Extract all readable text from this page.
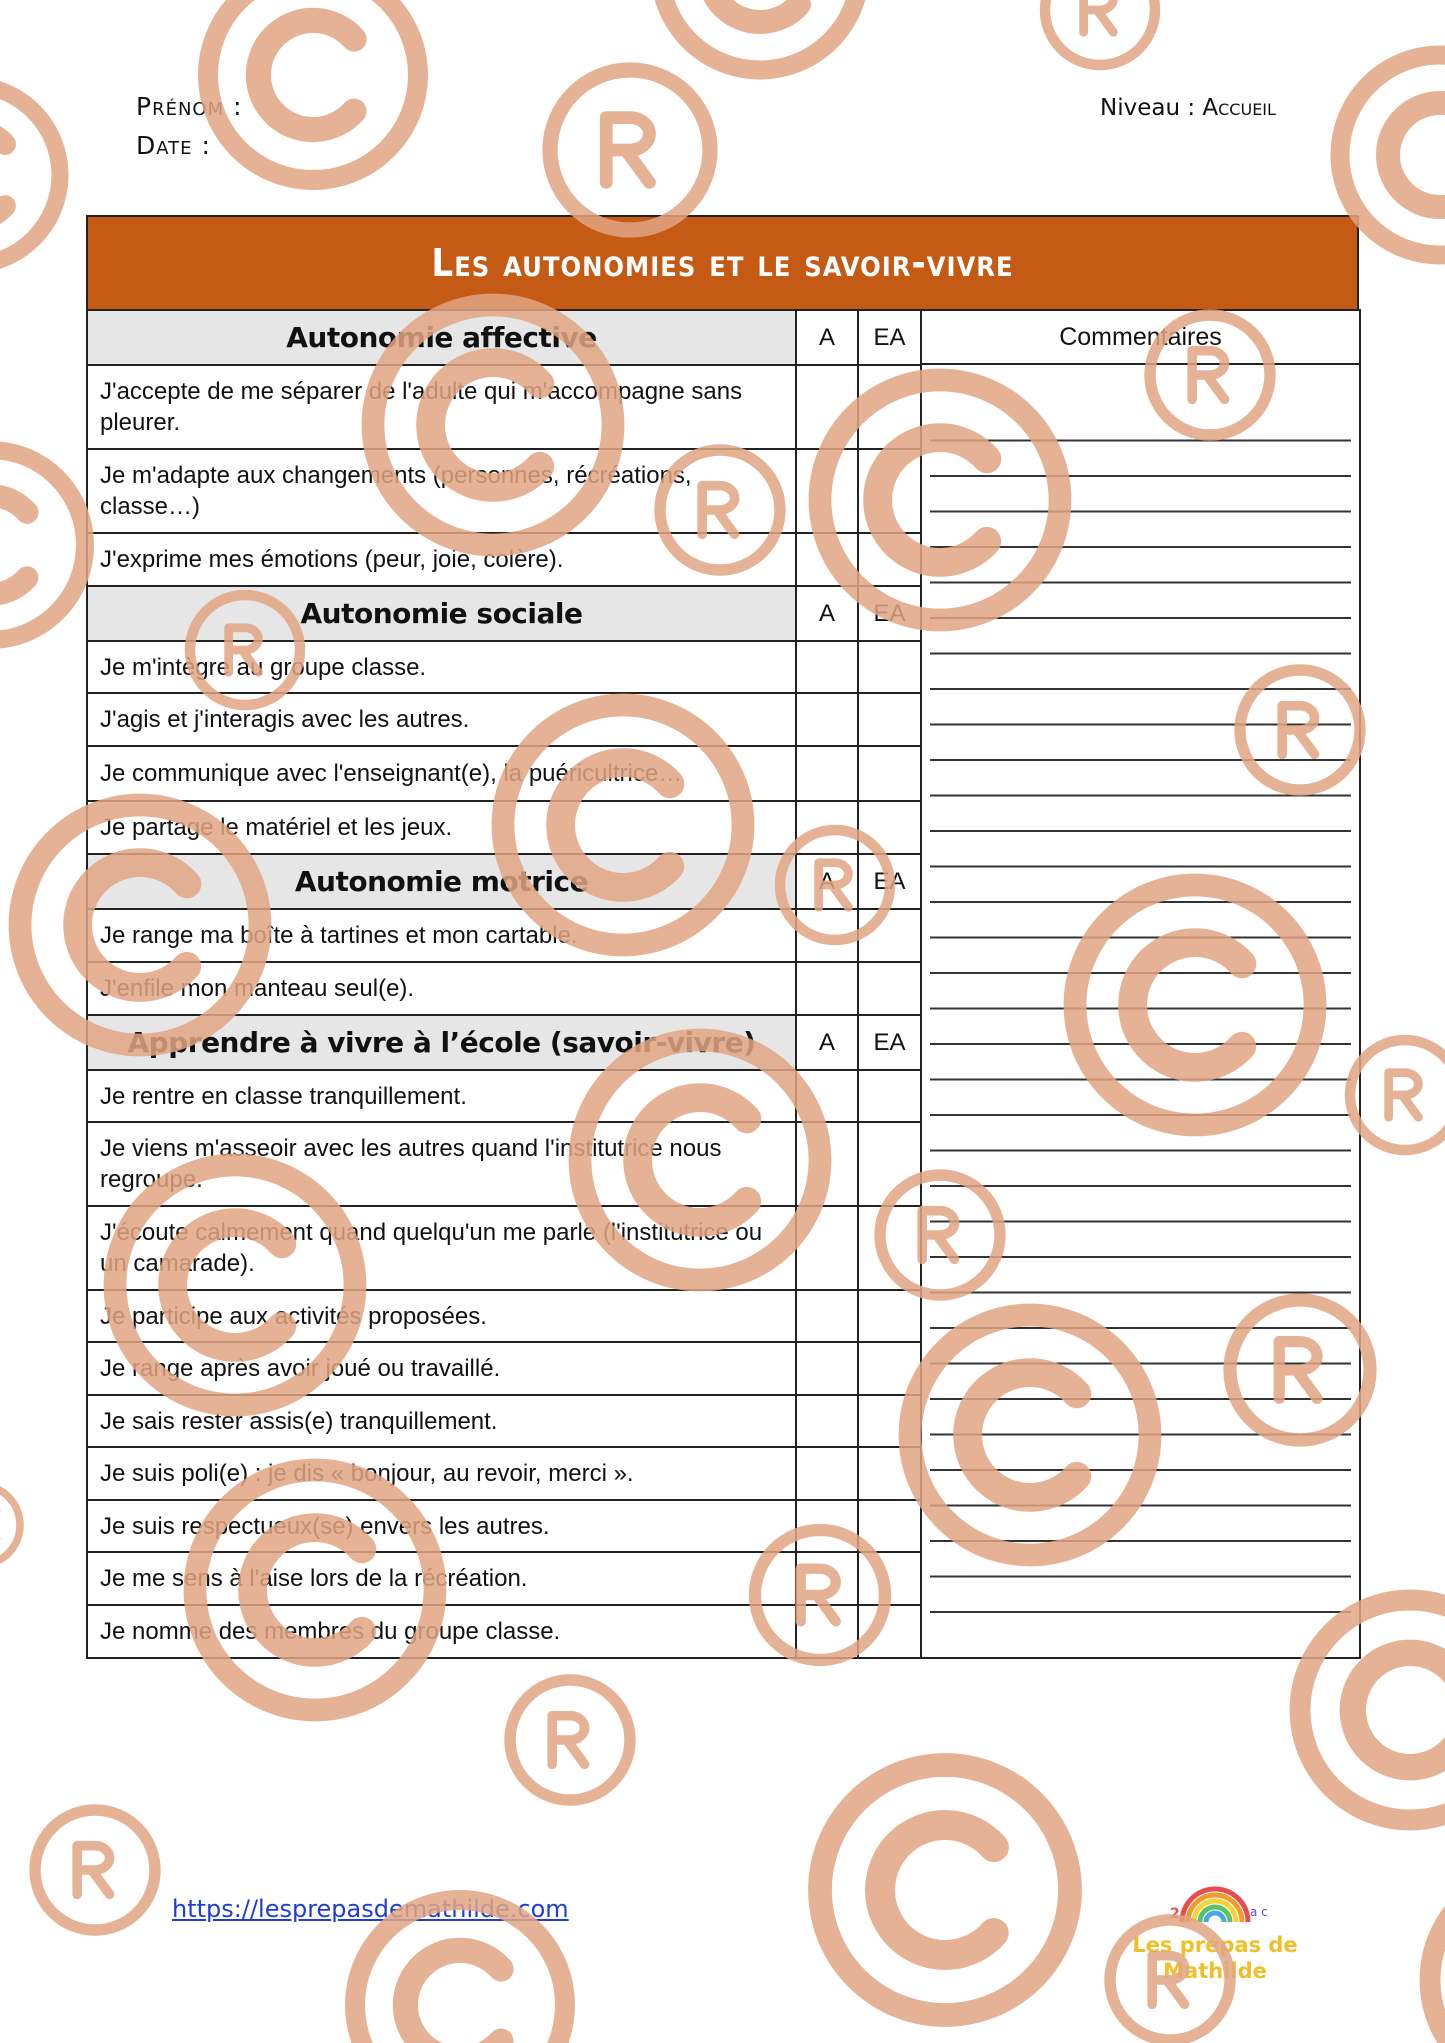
Prénom :
Date :
Niveau : Accueil
Les autonomies et le savoir-vivre
Autonomie affective	A	EA	Commentaires

J'accepte de me séparer de l'adulte qui m'accompagne sans pleurer.			
Je m'adapte aux changements (personnes, récréations, classe…)			
J'exprime mes émotions (peur, joie, colère).			
Autonomie sociale	A	EA	
Je m'intègre au groupe classe.			
J'agis et j'interagis avec les autres.			
Je communique avec l'enseignant(e), la puéricultrice…			
Je partage le matériel et les jeux.			
Autonomie motrice	A	EA	
Je range ma boîte à tartines et mon cartable.			
J'enfile mon manteau seul(e).			
Apprendre à vivre à l’école (savoir-vivre)	A	EA	
Je rentre en classe tranquillement.			
Je viens m'asseoir avec les autres quand l'institutrice nous regroupe.			
J'écoute calmement quand quelqu'un me parle (l'institutrice ou un camarade).			
Je participe aux activités proposées.			
Je range après avoir joué ou travaillé.			
Je sais rester assis(e) tranquillement.			
Je suis poli(e) : je dis « bonjour, au revoir, merci ».			
Je suis respectueux(se) envers les autres.			
Je me sens à l'aise lors de la récréation.			
Je nomme des membres du groupe classe.			
https://lesprepasdemathilde.com	2	a c
Les prépas de
Mathilde
